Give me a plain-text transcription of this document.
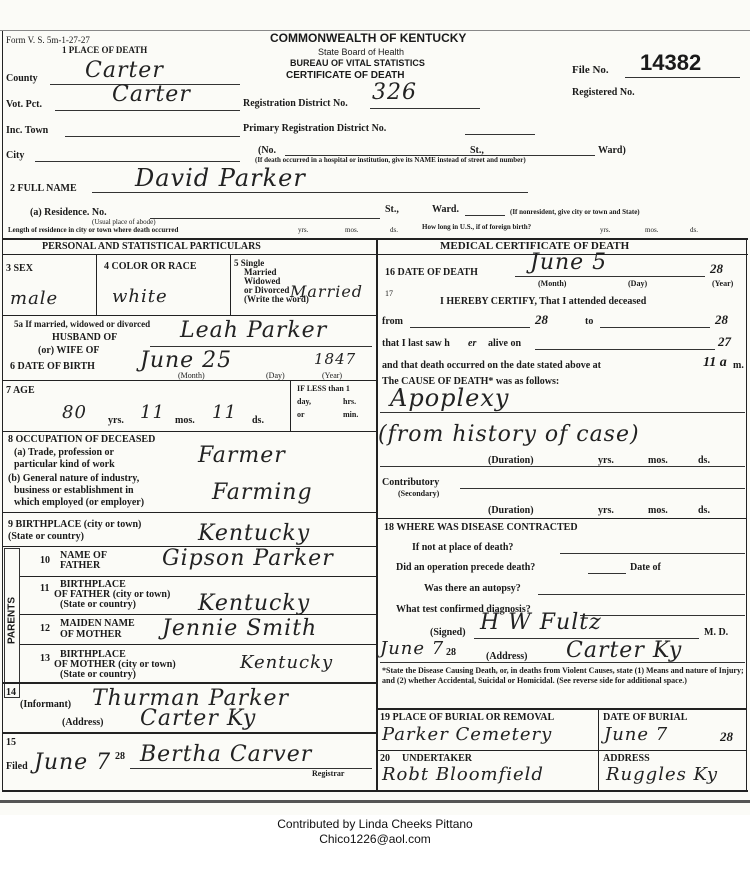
Form V. S. 5m-1-27-27	COMMONWEALTH OF KENTUCKY
State Board of Health
BUREAU OF VITAL STATISTICS
CERTIFICATE OF DEATH	File No. 14382
Registered No.
1 PLACE OF DEATH
County Carter
Vot. Pct.	Carter	Registration District No. 326
Inc. Town	Primary Registration District No.
City	(No.	St.,	Ward)
(If death occurred in a hospital or institution, give its NAME instead of street and number)
2 FULL NAME David Parker
(a) Residence. No.
(Usual place of abode)
St.,	Ward.	(If nonresident, give city or town and State)
Length of residence in city or town where death occurred	yrs.	mos.	ds.	How long in U.S., if of foreign birth?	yrs.	mos.	ds.
PERSONAL AND STATISTICAL PARTICULARS
3 SEX	4 COLOR OR RACE	5 Single
Married
Widowed
or Divorced
(Write the word)
male	white	Married
5a If married, widowed or divorced
HUSBAND OF
(or) WIFE OF
Leah Parker
6 DATE OF BIRTH June 25	1847
(Month)	(Day)	(Year)
7 AGE
80 yrs. 11 mos. 11 ds.
IF LESS than 1
day,	hrs.
or	min.
8 OCCUPATION OF DECEASED
(a) Trade, profession or
particular kind of work	Farmer
(b) General nature of industry,
business or establishment in
which employed (or employer)	Farming
9 BIRTHPLACE (city or town)
(State or country)	Kentucky
PARENTS
10 NAME OF
FATHER	Gipson Parker
11 BIRTHPLACE
OF FATHER (city or town)
(State or country)	Kentucky
12 MAIDEN NAME
OF MOTHER Jennie Smith
13 BIRTHPLACE
OF MOTHER (city or town)
(State or country)
Kentucky
14
(Informant) Thurman Parker
(Address) Carter Ky
15
Filed June 7 28 Bertha Carver
Registrar
MEDICAL CERTIFICATE OF DEATH
16 DATE OF DEATH June 5	28
(Month)	(Day)	(Year)
17
I HEREBY CERTIFY, That I attended deceased
from	28	to	28
that I last saw h er alive on	27
and that death occurred on the date stated above at	11 a m.
The CAUSE OF DEATH* was as follows:
Apoplexy
(from history of case)
(Duration)	yrs.	mos.	ds.
Contributory
(Secondary)
(Duration)	yrs.	mos.	ds.
18 WHERE WAS DISEASE CONTRACTED
If not at place of death?
Did an operation precede death?	Date of
Was there an autopsy?
What test confirmed diagnosis?
(Signed) H W Fultz	M. D.
June 7 28	(Address) Carter Ky
*State the Disease Causing Death, or, in deaths from Violent Causes, state (1) Means and nature of Injury; and (2) whether Accidental, Suicidal or Homicidal. (See reverse side for additional space.)
19 PLACE OF BURIAL OR REMOVAL	DATE OF BURIAL
Parker Cemetery	June 7	28
20 UNDERTAKER	ADDRESS
Robt Bloomfield	Ruggles Ky
Contributed by Linda Cheeks Pittano
Chico1226@aol.com
